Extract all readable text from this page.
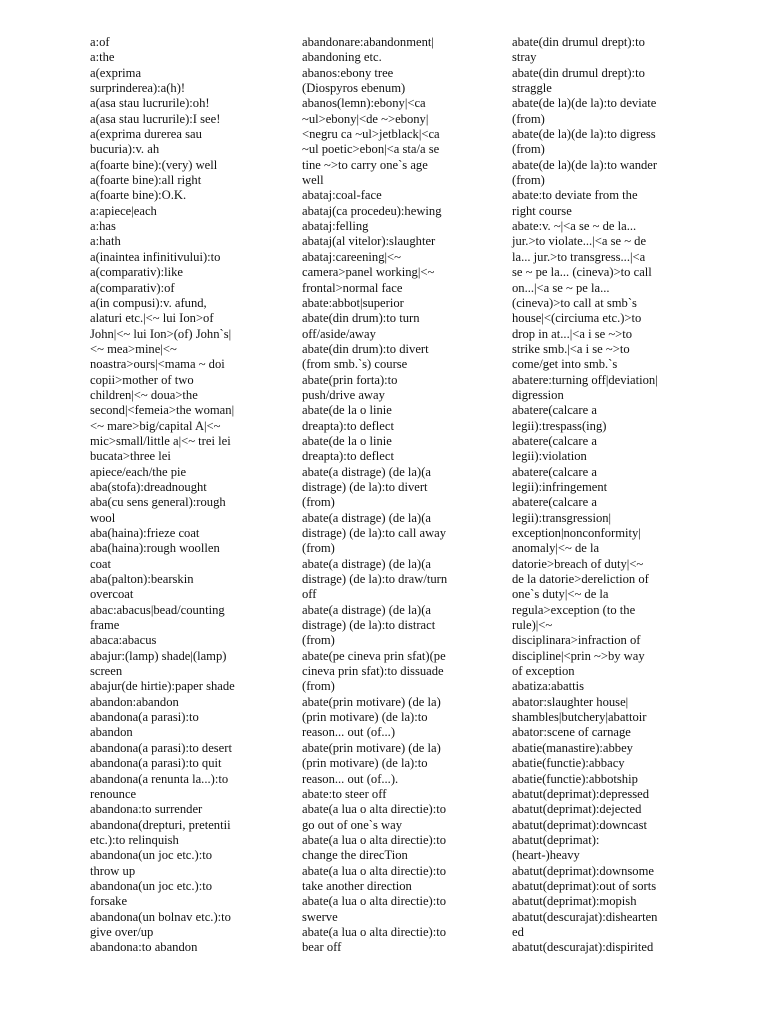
a:of
a:the
a(exprima
surprinderea):a(h)!
a(asa stau lucrurile):oh!
a(asa stau lucrurile):I see!
a(exprima durerea sau
bucuria):v. ah
a(foarte bine):(very) well
a(foarte bine):all right
a(foarte bine):O.K.
a:apiece|each
a:has
a:hath
a(inaintea infinitivului):to
a(comparativ):like
a(comparativ):of
a(in compusi):v. afund,
alaturi etc.|<~ lui Ion>of
John|<~ lui Ion>(of) John`s|
<~ mea>mine|<~
noastra>ours|<mama ~ doi
copii>mother of two
children|<~ doua>the
second|<femeia>the woman|
<~ mare>big/capital A|<~
mic>small/little a|<~ trei lei
bucata>three lei
apiece/each/the pie
aba(stofa):dreadnought
aba(cu sens general):rough
wool
aba(haina):frieze coat
aba(haina):rough woollen
coat
aba(palton):bearskin
overcoat
abac:abacus|bead/counting
frame
abaca:abacus
abajur:(lamp) shade|(lamp)
screen
abajur(de hirtie):paper shade
abandon:abandon
abandona(a parasi):to
abandon
abandona(a parasi):to desert
abandona(a parasi):to quit
abandona(a renunta la...):to
renounce
abandona:to surrender
abandona(drepturi, pretentii
etc.):to relinquish
abandona(un joc etc.):to
throw up
abandona(un joc etc.):to
forsake
abandona(un bolnav etc.):to
give over/up
abandona:to abandon
abandonare:abandonment|
abandoning etc.
abanos:ebony tree
(Diospyros ebenum)
abanos(lemn):ebony|<ca
~ul>ebony|<de ~>ebony|
<negru ca ~ul>jetblack|<ca
~ul poetic>ebon|<a sta/a se
tine ~>to carry one`s age
well
abataj:coal-face
abataj(ca procedeu):hewing
abataj:felling
abataj(al vitelor):slaughter
abataj:careening|<~
camera>panel working|<~
frontal>normal face
abate:abbot|superior
abate(din drum):to turn
off/aside/away
abate(din drum):to divert
(from smb.`s) course
abate(prin forta):to
push/drive away
abate(de la o linie
dreapta):to deflect
abate(de la o linie
dreapta):to deflect
abate(a distrage) (de la)(a
distrage) (de la):to divert
(from)
abate(a distrage) (de la)(a
distrage) (de la):to call away
(from)
abate(a distrage) (de la)(a
distrage) (de la):to draw/turn
off
abate(a distrage) (de la)(a
distrage) (de la):to distract
(from)
abate(pe cineva prin sfat)(pe
cineva prin sfat):to dissuade
(from)
abate(prin motivare) (de la)
(prin motivare) (de la):to
reason... out (of...)
abate(prin motivare) (de la)
(prin motivare) (de la):to
reason... out (of...).
abate:to steer off
abate(a lua o alta directie):to
go out of one`s way
abate(a lua o alta directie):to
change the direcTion
abate(a lua o alta directie):to
take another direction
abate(a lua o alta directie):to
swerve
abate(a lua o alta directie):to
bear off
abate(din drumul drept):to
stray
abate(din drumul drept):to
straggle
abate(de la)(de la):to deviate
(from)
abate(de la)(de la):to digress
(from)
abate(de la)(de la):to wander
(from)
abate:to deviate from the
right course
abate:v. ~|<a se ~ de la...
jur.>to violate...|<a se ~ de
la... jur.>to transgress...|<a
se ~ pe la... (cineva)>to call
on...|<a se ~ pe la...
(cineva)>to call at smb`s
house|<(circiuma etc.)>to
drop in at...|<a i se ~>to
strike smb.|<a i se ~>to
come/get into smb.`s
abatere:turning off|deviation|
digression
abatere(calcare a
legii):trespass(ing)
abatere(calcare a
legii):violation
abatere(calcare a
legii):infringement
abatere(calcare a
legii):transgression|
exception|nonconformity|
anomaly|<~ de la
datorie>breach of duty|<~
de la datorie>dereliction of
one`s duty|<~ de la
regula>exception (to the
rule)|<~
disciplinara>infraction of
discipline|<prin ~>by way
of exception
abatiza:abattis
abator:slaughter house|
shambles|butchery|abattoir
abator:scene of carnage
abatie(manastire):abbey
abatie(functie):abbacy
abatie(functie):abbotship
abatut(deprimat):depressed
abatut(deprimat):dejected
abatut(deprimat):downcast
abatut(deprimat):
(heart-)heavy
abatut(deprimat):downsome
abatut(deprimat):out of sorts
abatut(deprimat):mopish
abatut(descurajat):dishearten
ed
abatut(descurajat):dispirited
